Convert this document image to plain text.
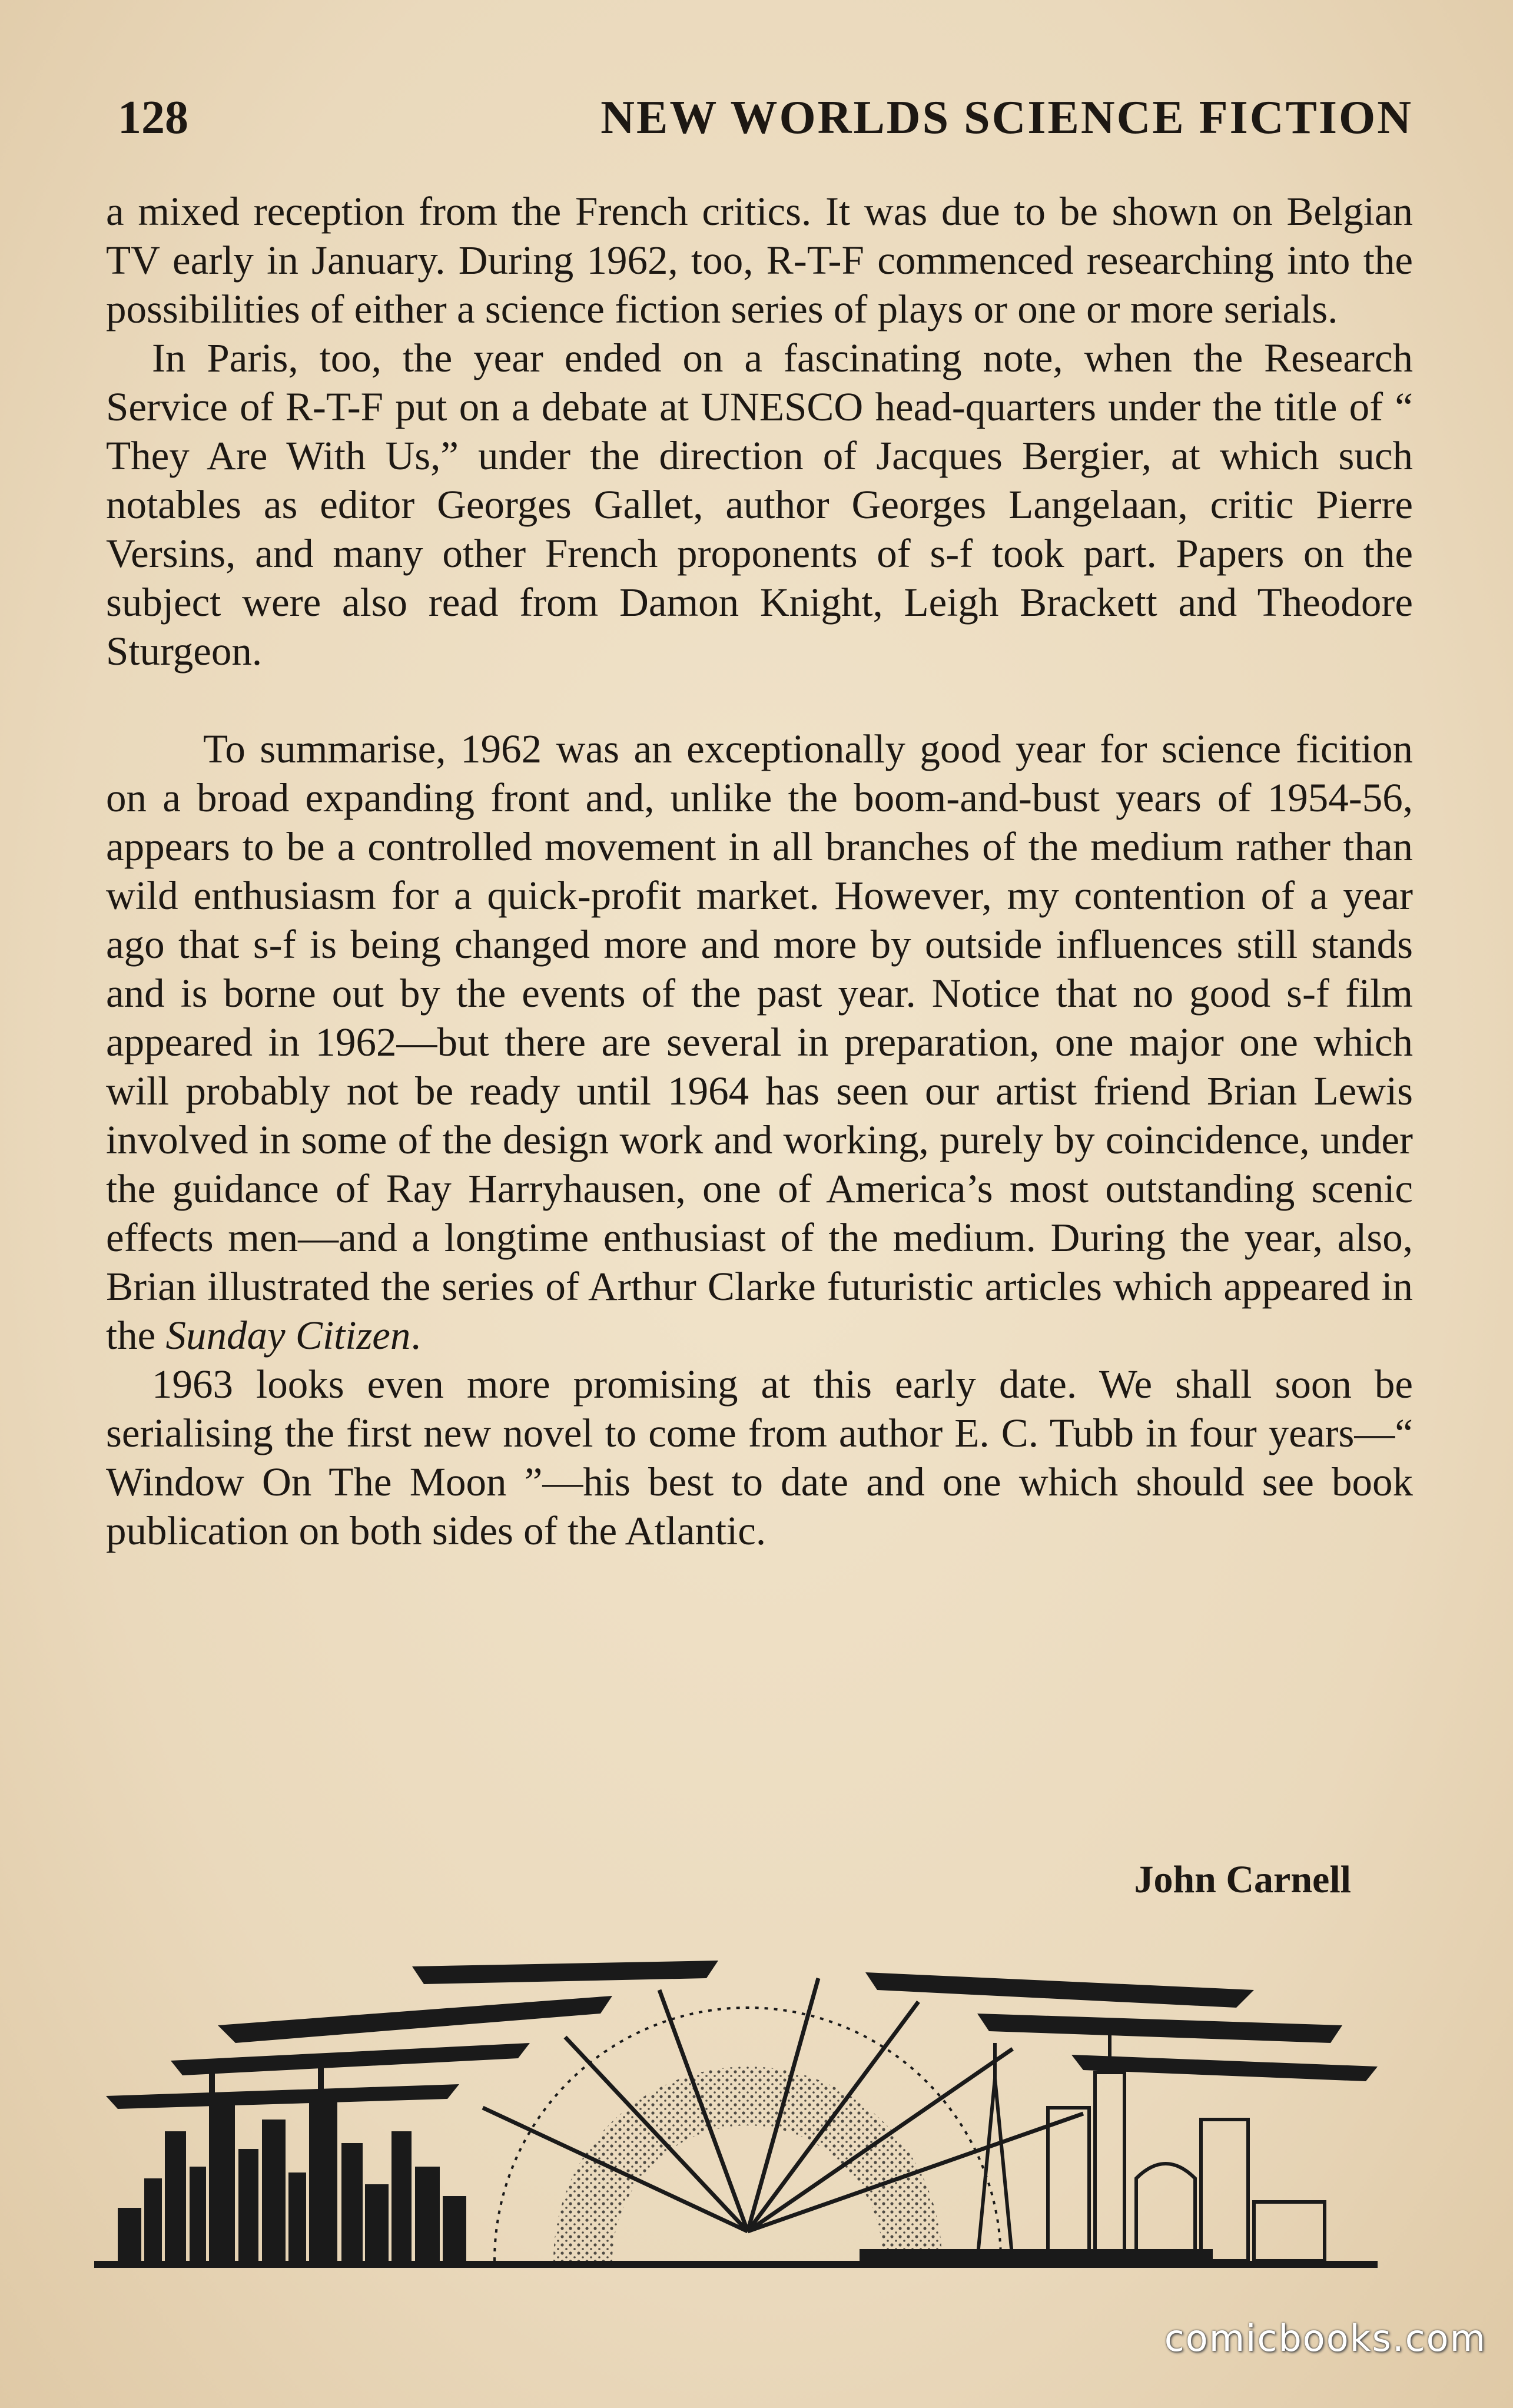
128	NEW WORLDS SCIENCE FICTION

a mixed reception from the French critics. It was due to be shown on Belgian TV early in January. During 1962, too, R-T-F commenced researching into the possibilities of either a science fiction series of plays or one or more serials.

In Paris, too, the year ended on a fascinating note, when the Research Service of R-T-F put on a debate at UNESCO head-quarters under the title of “ They Are With Us,” under the direction of Jacques Bergier, at which such notables as editor Georges Gallet, author Georges Langelaan, critic Pierre Versins, and many other French proponents of s-f took part. Papers on the subject were also read from Damon Knight, Leigh Brackett and Theodore Sturgeon.

To summarise, 1962 was an exceptionally good year for science ficition on a broad expanding front and, unlike the boom-and-bust years of 1954-56, appears to be a controlled movement in all branches of the medium rather than wild enthusiasm for a quick-profit market. However, my contention of a year ago that s-f is being changed more and more by outside influences still stands and is borne out by the events of the past year. Notice that no good s-f film appeared in 1962—but there are several in preparation, one major one which will probably not be ready until 1964 has seen our artist friend Brian Lewis involved in some of the design work and working, purely by coincidence, under the guidance of Ray Harryhausen, one of America’s most outstanding scenic effects men—and a longtime enthusiast of the medium. During the year, also, Brian illustrated the series of Arthur Clarke futuristic articles which appeared in the Sunday Citizen.

1963 looks even more promising at this early date. We shall soon be serialising the first new novel to come from author E. C. Tubb in four years—“ Window On The Moon ”—his best to date and one which should see book publication on both sides of the Atlantic.

John Carnell
comicbooks.com
